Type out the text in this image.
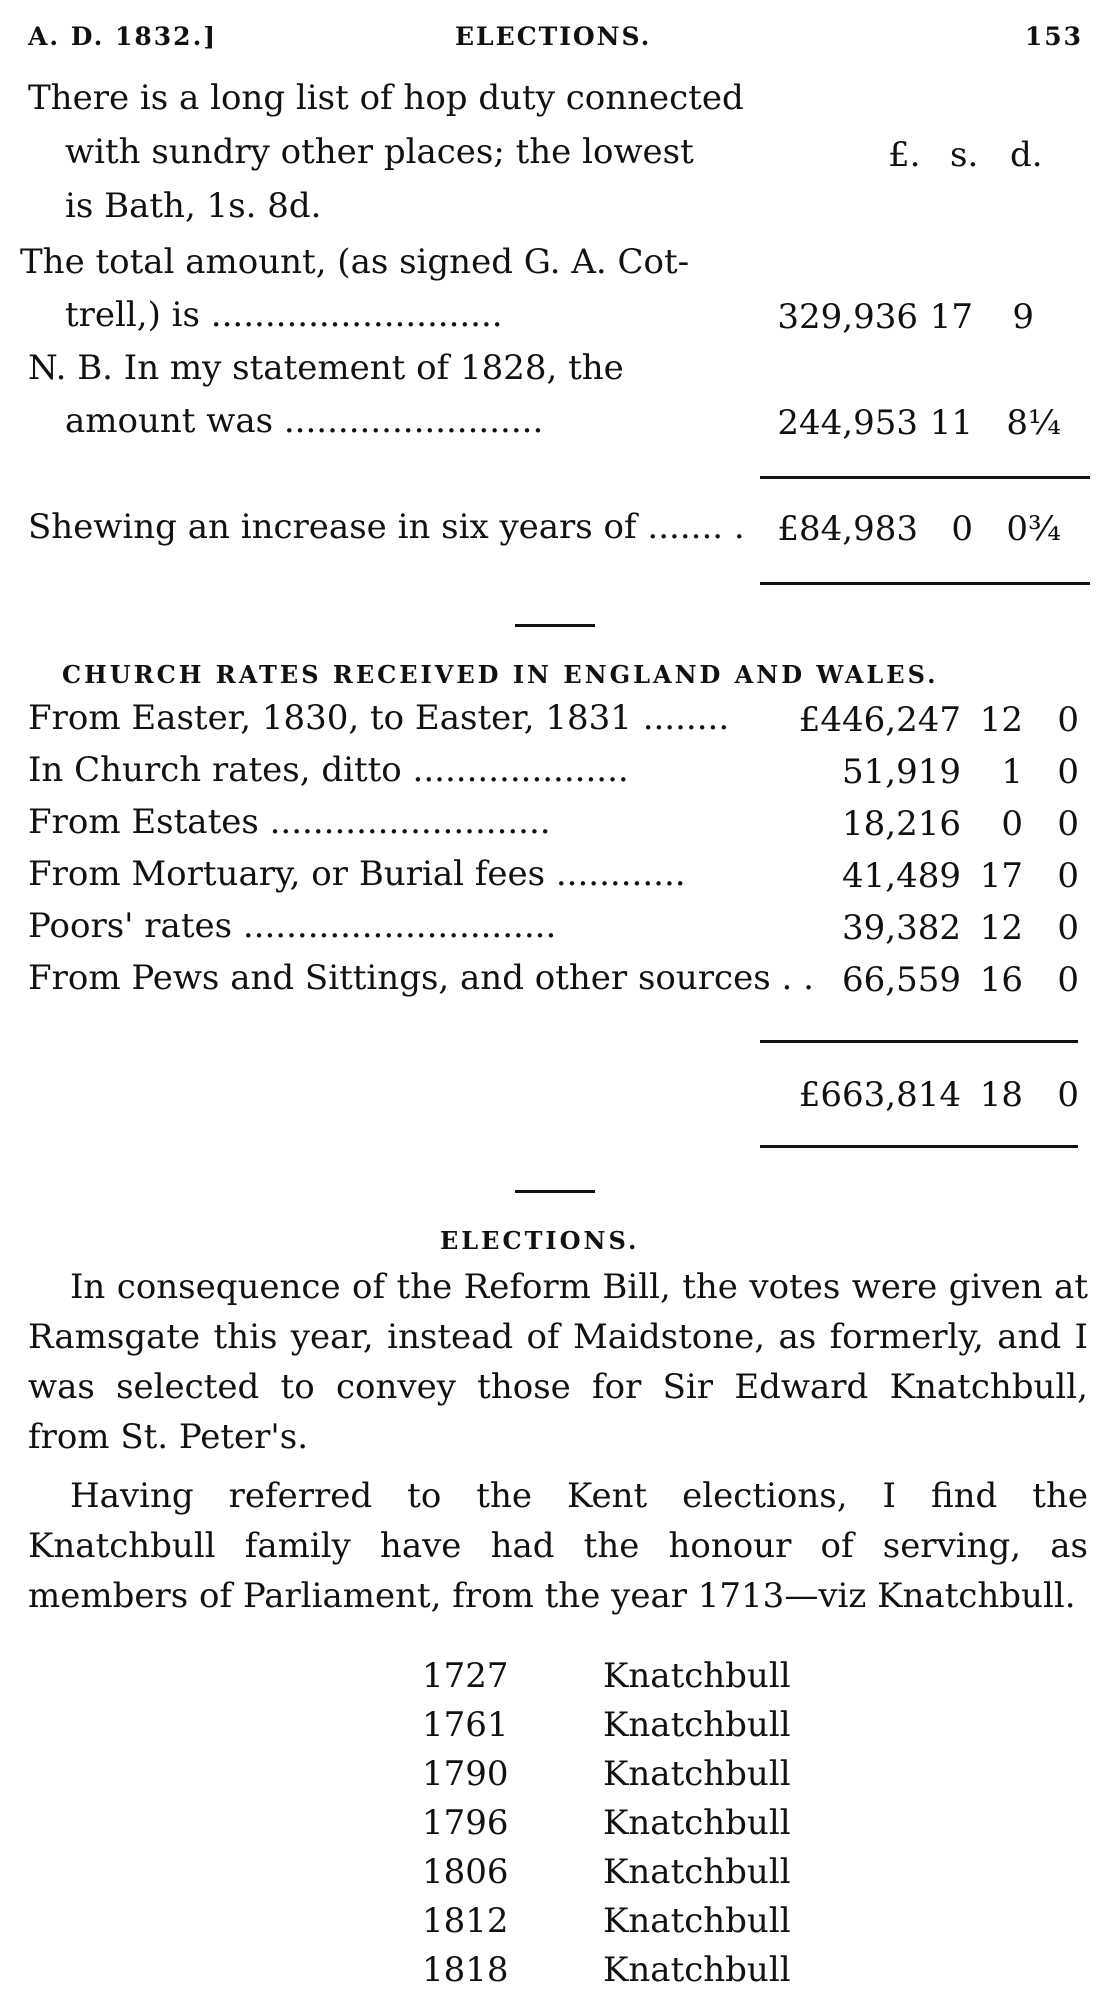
A. D. 1832.]	ELECTIONS.	153
There is a long list of hop duty connected
with sundry other places; the lowest
is Bath, 1s. 8d.
£. s. d.
The total amount, (as signed G. A. Cot-
trell,) is ...........................	329,936 17 9
N. B. In my statement of 1828, the
amount was ........................	244,953 11 8¼
Shewing an increase in six years of ....... . £84,983 0 0¾
CHURCH RATES RECEIVED IN ENGLAND AND WALES.
From Easter, 1830, to Easter, 1831 ........ £446,247 12 0
In Church rates, ditto ....................	51,919 1 0
From Estates ..........................	18,216 0 0
From Mortuary, or Burial fees ............	41,489 17 0
Poors' rates .............................	39,382 12 0
From Pews and Sittings, and other sources . . 66,559 16 0
£663,814 18 0
ELECTIONS.
In consequence of the Reform Bill, the votes were given at Ramsgate this year, instead of Maidstone, as formerly, and I was selected to convey those for Sir Edward Knatchbull, from St. Peter's.
Having referred to the Kent elections, I find the Knatchbull family have had the honour of serving, as members of Parliament, from the year 1713—viz Knatchbull.
1727	Knatchbull
1761	Knatchbull
1790	Knatchbull
1796	Knatchbull
1806	Knatchbull
1812	Knatchbull
1818	Knatchbull
